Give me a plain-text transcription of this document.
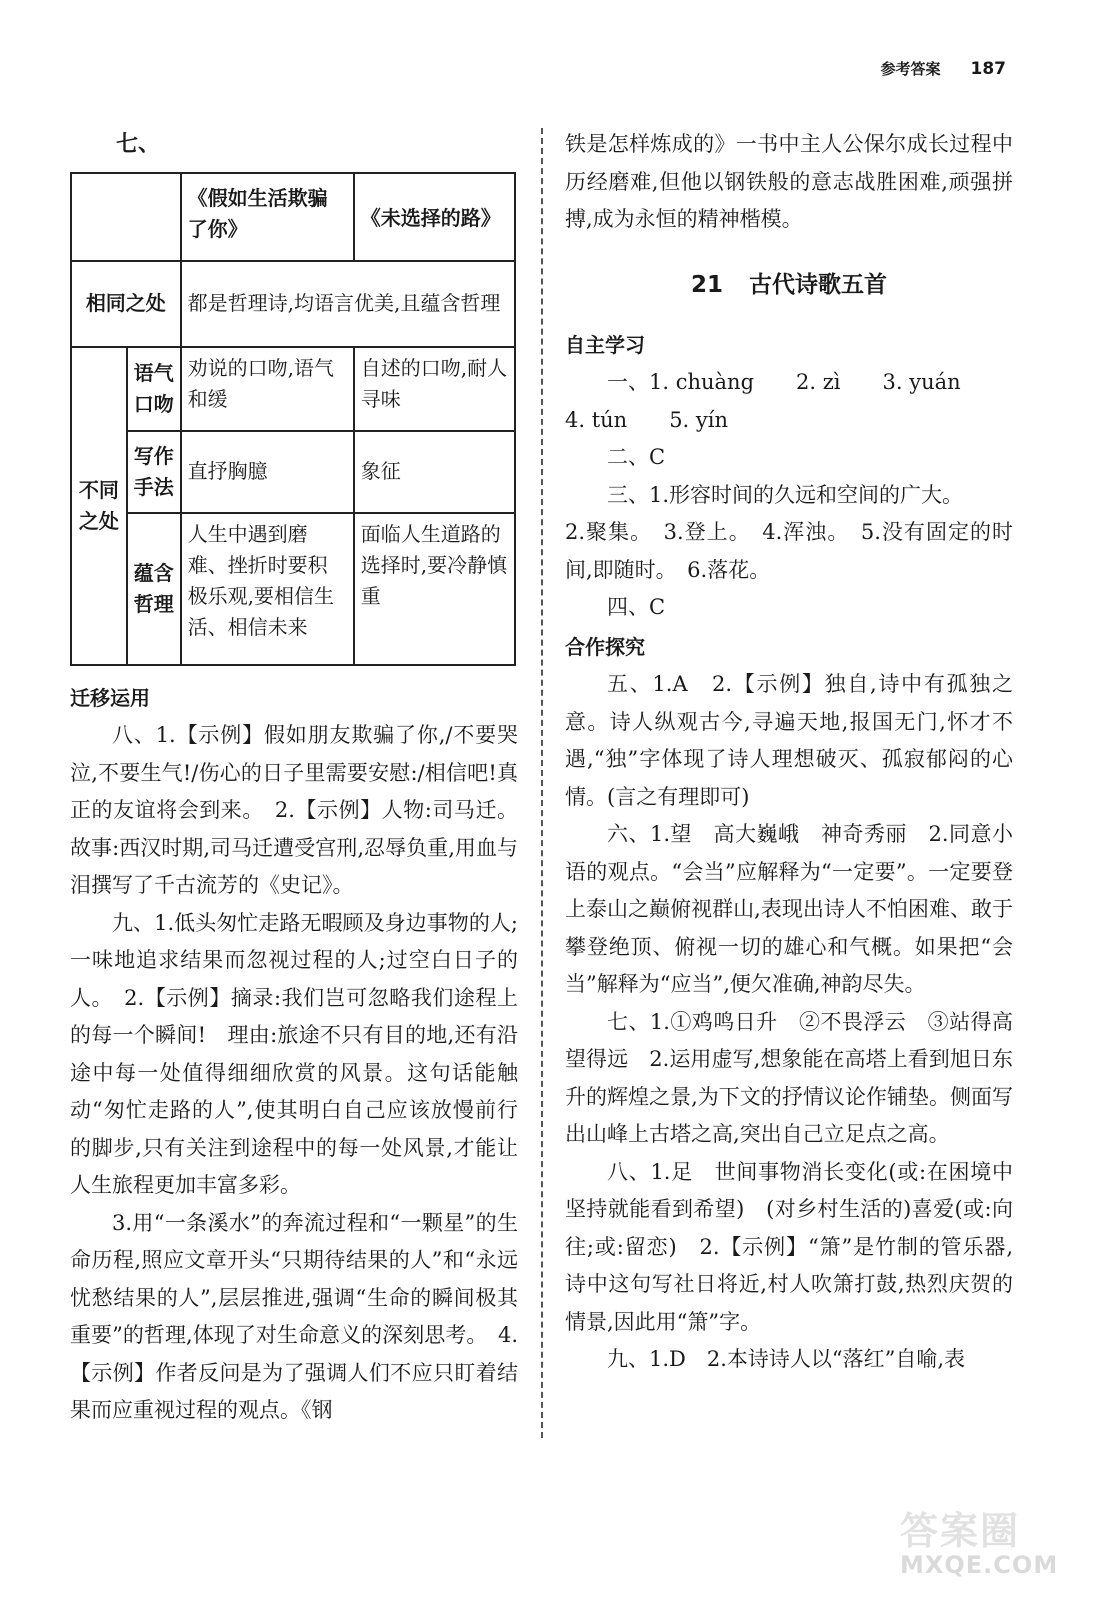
参考答案 187
七、
		《假如生活欺骗了你》	《未选择的路》
相同之处		都是哲理诗,均语言优美,且蕴含哲理	
不同之处	语气口吻	劝说的口吻,语气和缓	自述的口吻,耐人寻味
	写作手法	直抒胸臆	象征
	蕴含哲理	人生中遇到磨难、挫折时要积极乐观,要相信生活、相信未来	面临人生道路的选择时,要冷静慎重
迁移运用

八、1.【示例】假如朋友欺骗了你,/不要哭泣,不要生气!/伤心的日子里需要安慰:/相信吧!真正的友谊将会到来。　2.【示例】人物:司马迁。故事:西汉时期,司马迁遭受宫刑,忍辱负重,用血与泪撰写了千古流芳的《史记》。

九、1.低头匆忙走路无暇顾及身边事物的人;一味地追求结果而忽视过程的人;过空白日子的人。　2.【示例】摘录:我们岂可忽略我们途程上的每一个瞬间!　理由:旅途不只有目的地,还有沿途中每一处值得细细欣赏的风景。这句话能触动“匆忙走路的人”,使其明白自己应该放慢前行的脚步,只有关注到途程中的每一处风景,才能让人生旅程更加丰富多彩。

3.用“一条溪水”的奔流过程和“一颗星”的生命历程,照应文章开头“只期待结果的人”和“永远忧愁结果的人”,层层推进,强调“生命的瞬间极其重要”的哲理,体现了对生命意义的深刻思考。　4.【示例】作者反问是为了强调人们不应只盯着结果而应重视过程的观点。《钢

铁是怎样炼成的》一书中主人公保尔成长过程中历经磨难,但他以钢铁般的意志战胜困难,顽强拼搏,成为永恒的精神楷模。

21 古代诗歌五首
自主学习

一、1. chuàng　　2. zì　　3. yuán

4. tún　　5. yín

二、C

三、1.形容时间的久远和空间的广大。

2.聚集。　3.登上。　4.浑浊。　5.没有固定的时间,即随时。　6.落花。

四、C

合作探究

五、1.A　2.【示例】独自,诗中有孤独之意。诗人纵观古今,寻遍天地,报国无门,怀才不遇,“独”字体现了诗人理想破灭、孤寂郁闷的心情。(言之有理即可)

六、1.望　高大巍峨　神奇秀丽　2.同意小语的观点。“会当”应解释为“一定要”。一定要登上泰山之巅俯视群山,表现出诗人不怕困难、敢于攀登绝顶、俯视一切的雄心和气概。如果把“会当”解释为“应当”,便欠准确,神韵尽失。

七、1.①鸡鸣日升　②不畏浮云　③站得高望得远　2.运用虚写,想象能在高塔上看到旭日东升的辉煌之景,为下文的抒情议论作铺垫。侧面写出山峰上古塔之高,突出自己立足点之高。

八、1.足　世间事物消长变化(或:在困境中坚持就能看到希望)　(对乡村生活的)喜爱(或:向往;或:留恋)　2.【示例】“箫”是竹制的管乐器,诗中这句写社日将近,村人吹箫打鼓,热烈庆贺的情景,因此用“箫”字。

九、1.D　2.本诗诗人以“落红”自喻,表

答案圈
MXQE.COM
